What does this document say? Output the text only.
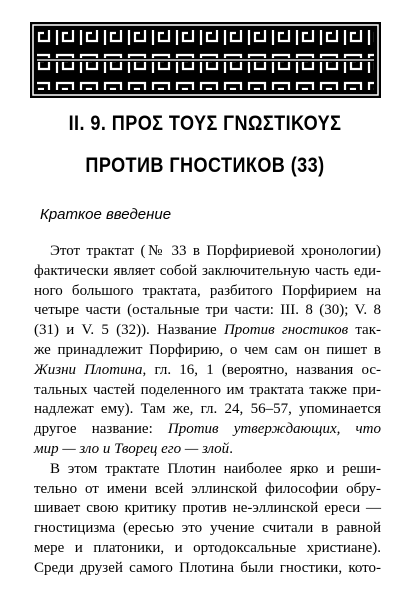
II. 9. ΠΡΟΣ ΤΟΥΣ ΓΝΩΣΤΙΚΟΥΣ
ПРОТИВ ГНОСТИКОВ (33)
Краткое введение

Этот трактат (№ 33 в Порфириевой хронологии)
фактически являет собой заключительную часть еди-
ного большого трактата, разбитого Порфирием на
четыре части (остальные три части: III. 8 (30); V. 8
(31) и V. 5 (32)). Название Против гностиков так-
же принадлежит Порфирию, о чем сам он пишет в
Жизни Плотина, гл. 16, 1 (вероятно, названия ос-
тальных частей поделенного им трактата также при-
надлежат ему). Там же, гл. 24, 56–57, упоминается
другое название: Против утверждающих, что
мир — зло и Творец его — злой.

В этом трактате Плотин наиболее ярко и реши-
тельно от имени всей эллинской философии обру-
шивает свою критику против не-эллинской ереси —
гностицизма (ересью это учение считали в равной
мере и платоники, и ортодоксальные христиане).
Среди друзей самого Плотина были гностики, кото-
